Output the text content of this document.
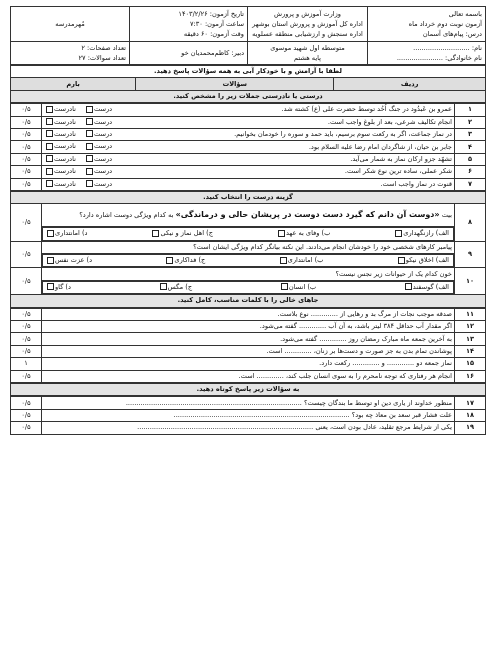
باسمه تعالی
آزمون نوبت دوم خرداد ماه
درس: پیام‌های آسمان
وزارت آموزش و پرورش
اداره کل آموزش و پرورش استان بوشهر
اداره سنجش و ارزشیابی منطقه عسلویه
تاریخ آزمون: ۱۴۰۳/۲/۲۶
ساعت آزمون: ۷:۳۰
وقت آزمون: ۶۰ دقیقه
مُهرمدرسه
نام: ...........................
نام خانوادگی: ......................
متوسطه اول شهید موسوی
پایه هشتم
دبیر: کاظم‌محمدیان خو
تعداد صفحات: ۲
تعداد سوالات: ۲۷
لطفا با آرامش و با خودکار آبی به همه سؤالات پاسخ دهید.
ردیف	سؤالات	بارم
درستی یا نادرستی جملات زیر را مشخص کنید.
۱	عمرو بن عَبدُود در جنگ اُحُد توسط حضرت علی (ع) کشته شد.
درست
نادرست	۰/۵
۲	انجام تکالیف شرعی، بعد از بلوغ واجب است.
درست
نادرست	۰/۵
۳	در نماز جماعت، اگر به رکعت سوم برسیم، باید حمد و سوره را خودمان بخوانیم.
درست
نادرست	۰/۵
۴	جابر بن حیان، از شاگردان امام رضا علیه السلام بود.
درست
نادرست	۰/۵
۵	تشهّد جزو ارکان نماز به شمار می‌آید.
درست
نادرست	۰/۵
۶	شکر عملی، ساده ترین نوع شکر است.
درست
نادرست	۰/۵
۷	قنوت در نماز واجب است.
درست
نادرست	۰/۵
گزینه درست را انتخاب کنید.		
۸	بیت «دوست آن دانم که گیرد دست دوست در پریشان حالی و درماندگی» به کدام ویژگی دوست اشاره دارد؟	۰/۵

الف) رازنگهداری
ب) وفای به عهد
ج) اهل نماز و نیکی
د) امانتداری

۹	پیامبر کارهای شخصی خود را خودشان انجام می‌دادند. این نکته بیانگر کدام ویژگی ایشان است؟	۰/۵

الف) اخلاق نیکو
ب) امانتداری
ج) فداکاری
د) عزت نفس

۱۰	خون کدام یک از حیوانات زیر نجس نیست؟	۰/۵

الف) گوسفند
ب) انسان
ج) مگس
د) گاو

جاهای خالی را با کلمات مناسب، کامل کنید.		
۱۱	صدقه موجب نجات از مرگ بد و رهایی از ............. نوع بلاست.	۰/۵
۱۲	اگر مقدار آب حداقل ۳۸۴ لیتر باشد، به آن آب ............. گفته می‌شود.	۰/۵
۱۳	به آخرین جمعه ماه مبارک رمضان روز ............. گفته می‌شود.	۰/۵
۱۴	پوشاندن تمام بدن به جز صورت و دست‌ها بر زنان، ............. است.	۰/۵
۱۵	نماز جمعه دو ............. و ............. رکعت دارد.	۱
۱۶	انجام هر رفتاری که توجه نامحرم را به سوی انسان جلب کند، ............. است.	۰/۵
به سؤالات زیر پاسخ کوتاه دهید.
۱۷	منظور خداوند از یاری دین او توسط ما بندگان چیست؟ ....................................................................................	۰/۵
۱۸	علت فشار قبر سعد بن معاذ چه بود؟ ....................................................................................	۰/۵
۱۹	یکی از شرایط مرجع تقلید، عادل بودن است، یعنی ....................................................................................	۰/۵
